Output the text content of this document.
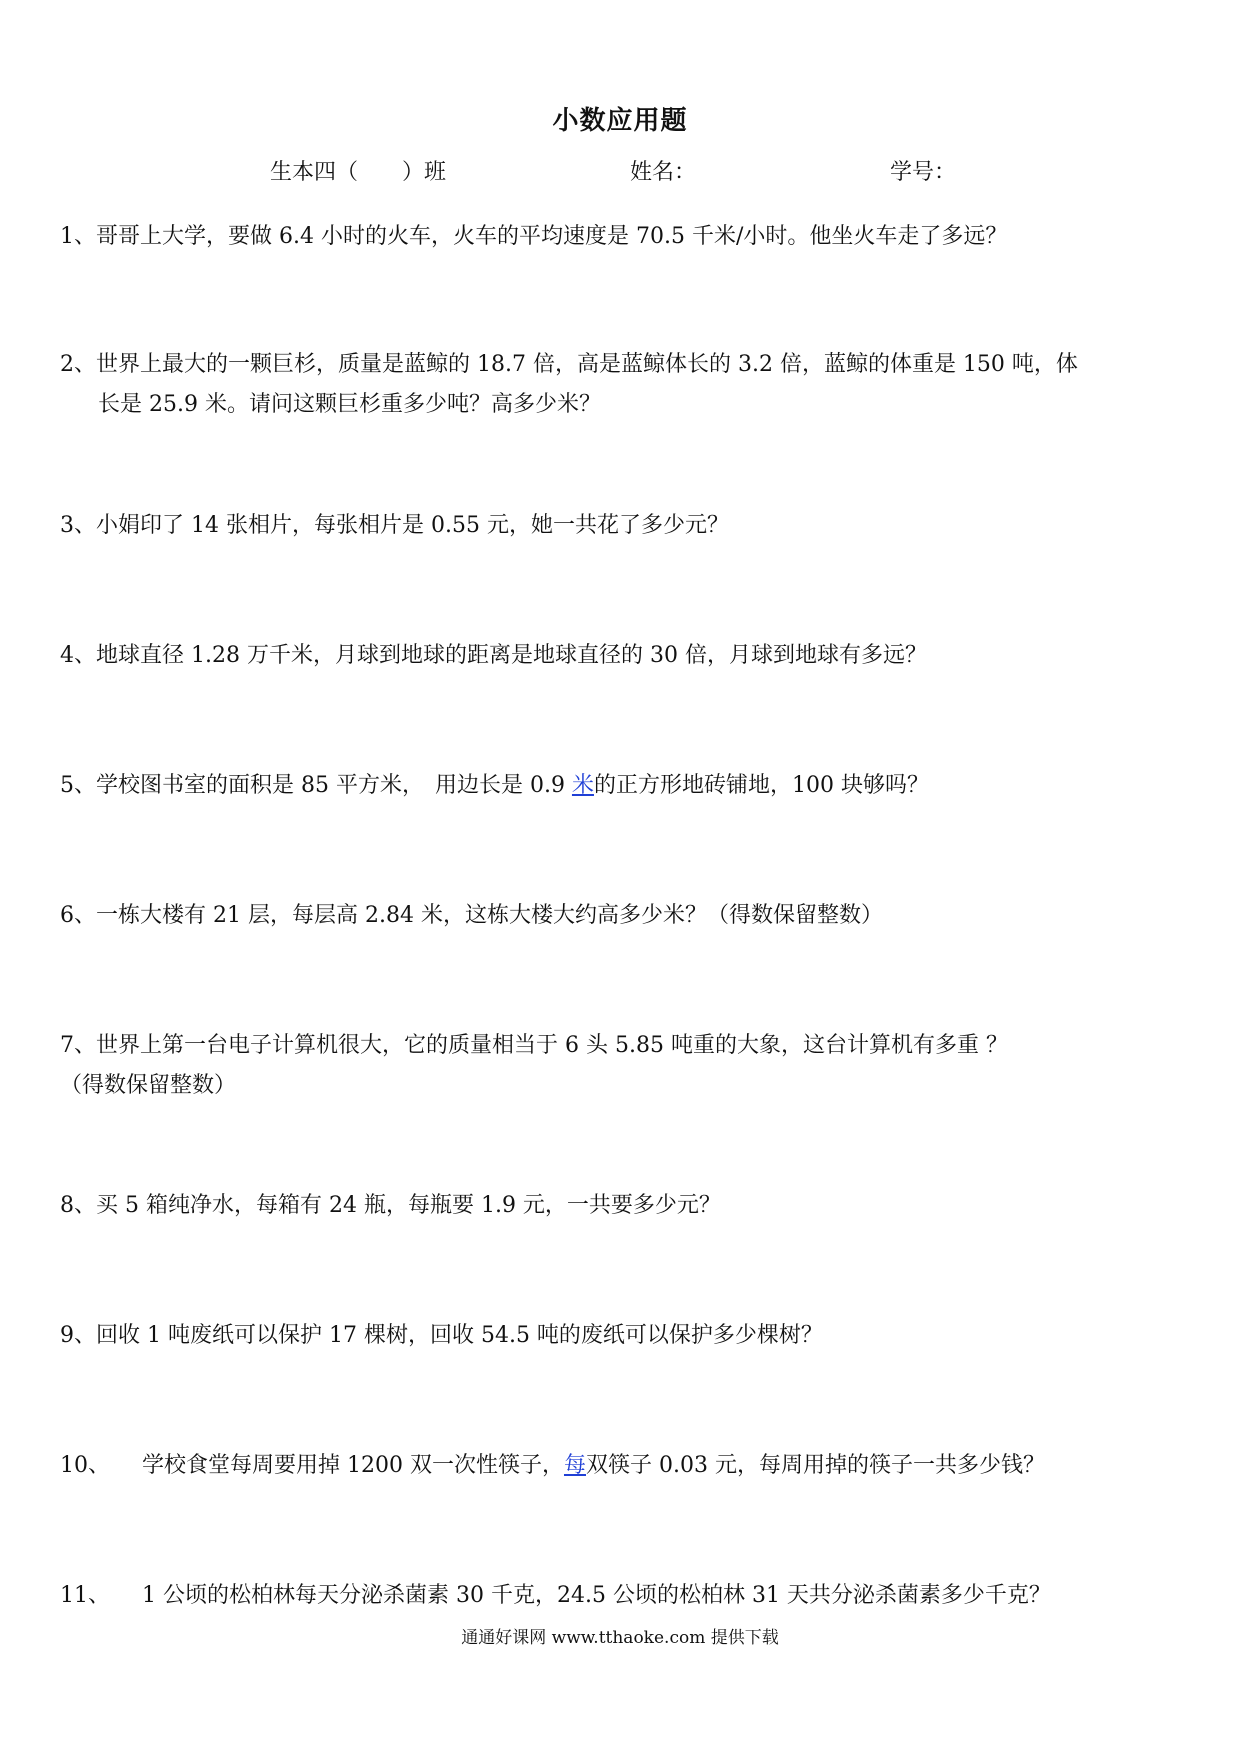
小数应用题
生本四（　　）班	姓名：	学号：
1、哥哥上大学，要做 6.4 小时的火车，火车的平均速度是 70.5 千米/小时。他坐火车走了多远？
2、世界上最大的一颗巨杉，质量是蓝鲸的 18.7 倍，高是蓝鲸体长的 3.2 倍，蓝鲸的体重是 150 吨，体
长是 25.9 米。请问这颗巨杉重多少吨？高多少米？
3、小娟印了 14 张相片，每张相片是 0.55 元，她一共花了多少元？
4、地球直径 1.28 万千米，月球到地球的距离是地球直径的 30 倍，月球到地球有多远？
5、学校图书室的面积是 85 平方米，　用边长是 0.9 米的正方形地砖铺地，100 块够吗？
6、一栋大楼有 21 层，每层高 2.84 米，这栋大楼大约高多少米？（得数保留整数）
7、世界上第一台电子计算机很大，它的质量相当于 6 头 5.85 吨重的大象，这台计算机有多重 ？
（得数保留整数）
8、买 5 箱纯净水，每箱有 24 瓶，每瓶要 1.9 元，一共要多少元？
9、回收 1 吨废纸可以保护 17 棵树，回收 54.5 吨的废纸可以保护多少棵树？
10、 学校食堂每周要用掉 1200 双一次性筷子，每双筷子 0.03 元，每周用掉的筷子一共多少钱？
11、 1 公顷的松柏林每天分泌杀菌素 30 千克，24.5 公顷的松柏林 31 天共分泌杀菌素多少千克？
通通好课网 www.tthaoke.com 提供下载
